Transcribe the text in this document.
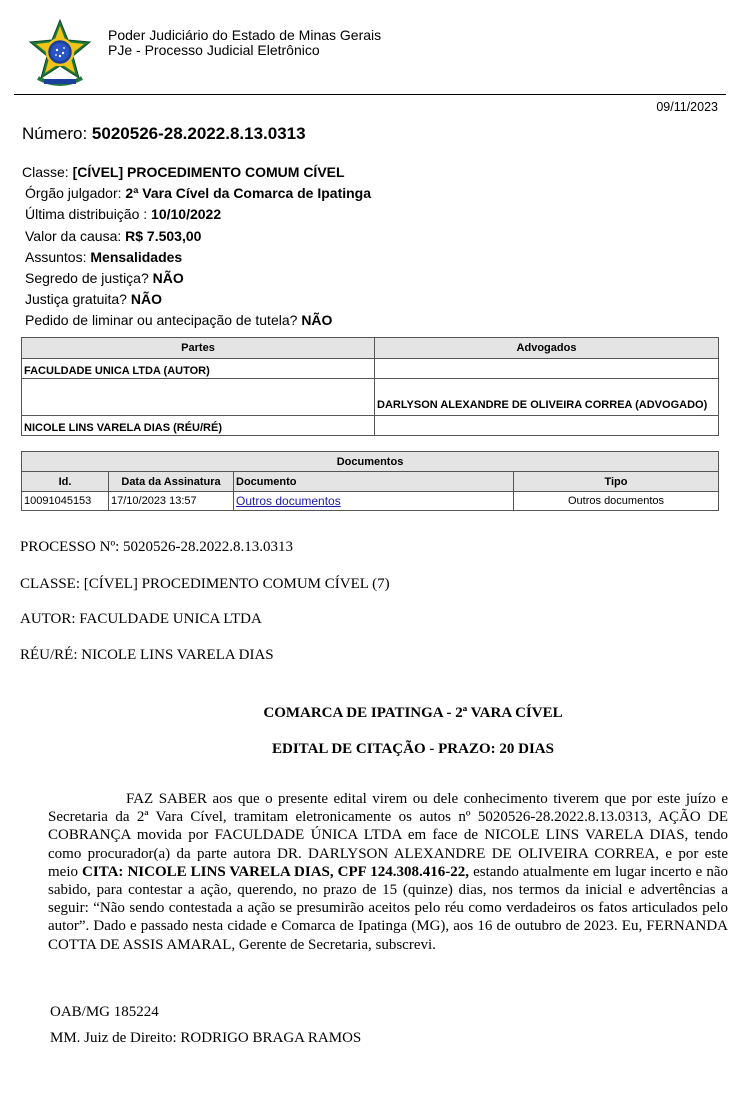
Poder Judiciário do Estado de Minas Gerais
PJe - Processo Judicial Eletrônico
09/11/2023
Número: 5020526-28.2022.8.13.0313
Classe: [CÍVEL] PROCEDIMENTO COMUM CÍVEL
Órgão julgador: 2ª Vara Cível da Comarca de Ipatinga
Última distribuição : 10/10/2022
Valor da causa: R$ 7.503,00
Assuntos: Mensalidades
Segredo de justiça? NÃO
Justiça gratuita? NÃO
Pedido de liminar ou antecipação de tutela? NÃO
Partes	Advogados
FACULDADE UNICA LTDA (AUTOR)	
	DARLYSON ALEXANDRE DE OLIVEIRA CORREA (ADVOGADO)
NICOLE LINS VARELA DIAS (RÉU/RÉ)	
Documentos			
Id.	Data da Assinatura	Documento	Tipo
10091045153	17/10/2023 13:57	Outros documentos	Outros documentos
PROCESSO Nº: 5020526-28.2022.8.13.0313
CLASSE: [CÍVEL] PROCEDIMENTO COMUM CÍVEL (7)
AUTOR: FACULDADE UNICA LTDA
RÉU/RÉ: NICOLE LINS VARELA DIAS
COMARCA DE IPATINGA - 2ª VARA CÍVEL
EDITAL DE CITAÇÃO - PRAZO: 20 DIAS
FAZ SABER aos que o presente edital virem ou dele conhecimento tiverem que por este juízo e Secretaria da 2ª Vara Cível, tramitam eletronicamente os autos nº 5020526-28.2022.8.13.0313, AÇÃO DE COBRANÇA movida por FACULDADE ÚNICA LTDA em face de NICOLE LINS VARELA DIAS, tendo como procurador(a) da parte autora DR. DARLYSON ALEXANDRE DE OLIVEIRA CORREA, e por este meio CITA: NICOLE LINS VARELA DIAS, CPF 124.308.416-22, estando atualmente em lugar incerto e não sabido, para contestar a ação, querendo, no prazo de 15 (quinze) dias, nos termos da inicial e advertências a seguir: “Não sendo contestada a ação se presumirão aceitos pelo réu como verdadeiros os fatos articulados pelo autor”. Dado e passado nesta cidade e Comarca de Ipatinga (MG), aos 16 de outubro de 2023. Eu, FERNANDA COTTA DE ASSIS AMARAL, Gerente de Secretaria, subscrevi.
OAB/MG 185224
MM. Juiz de Direito: RODRIGO BRAGA RAMOS
